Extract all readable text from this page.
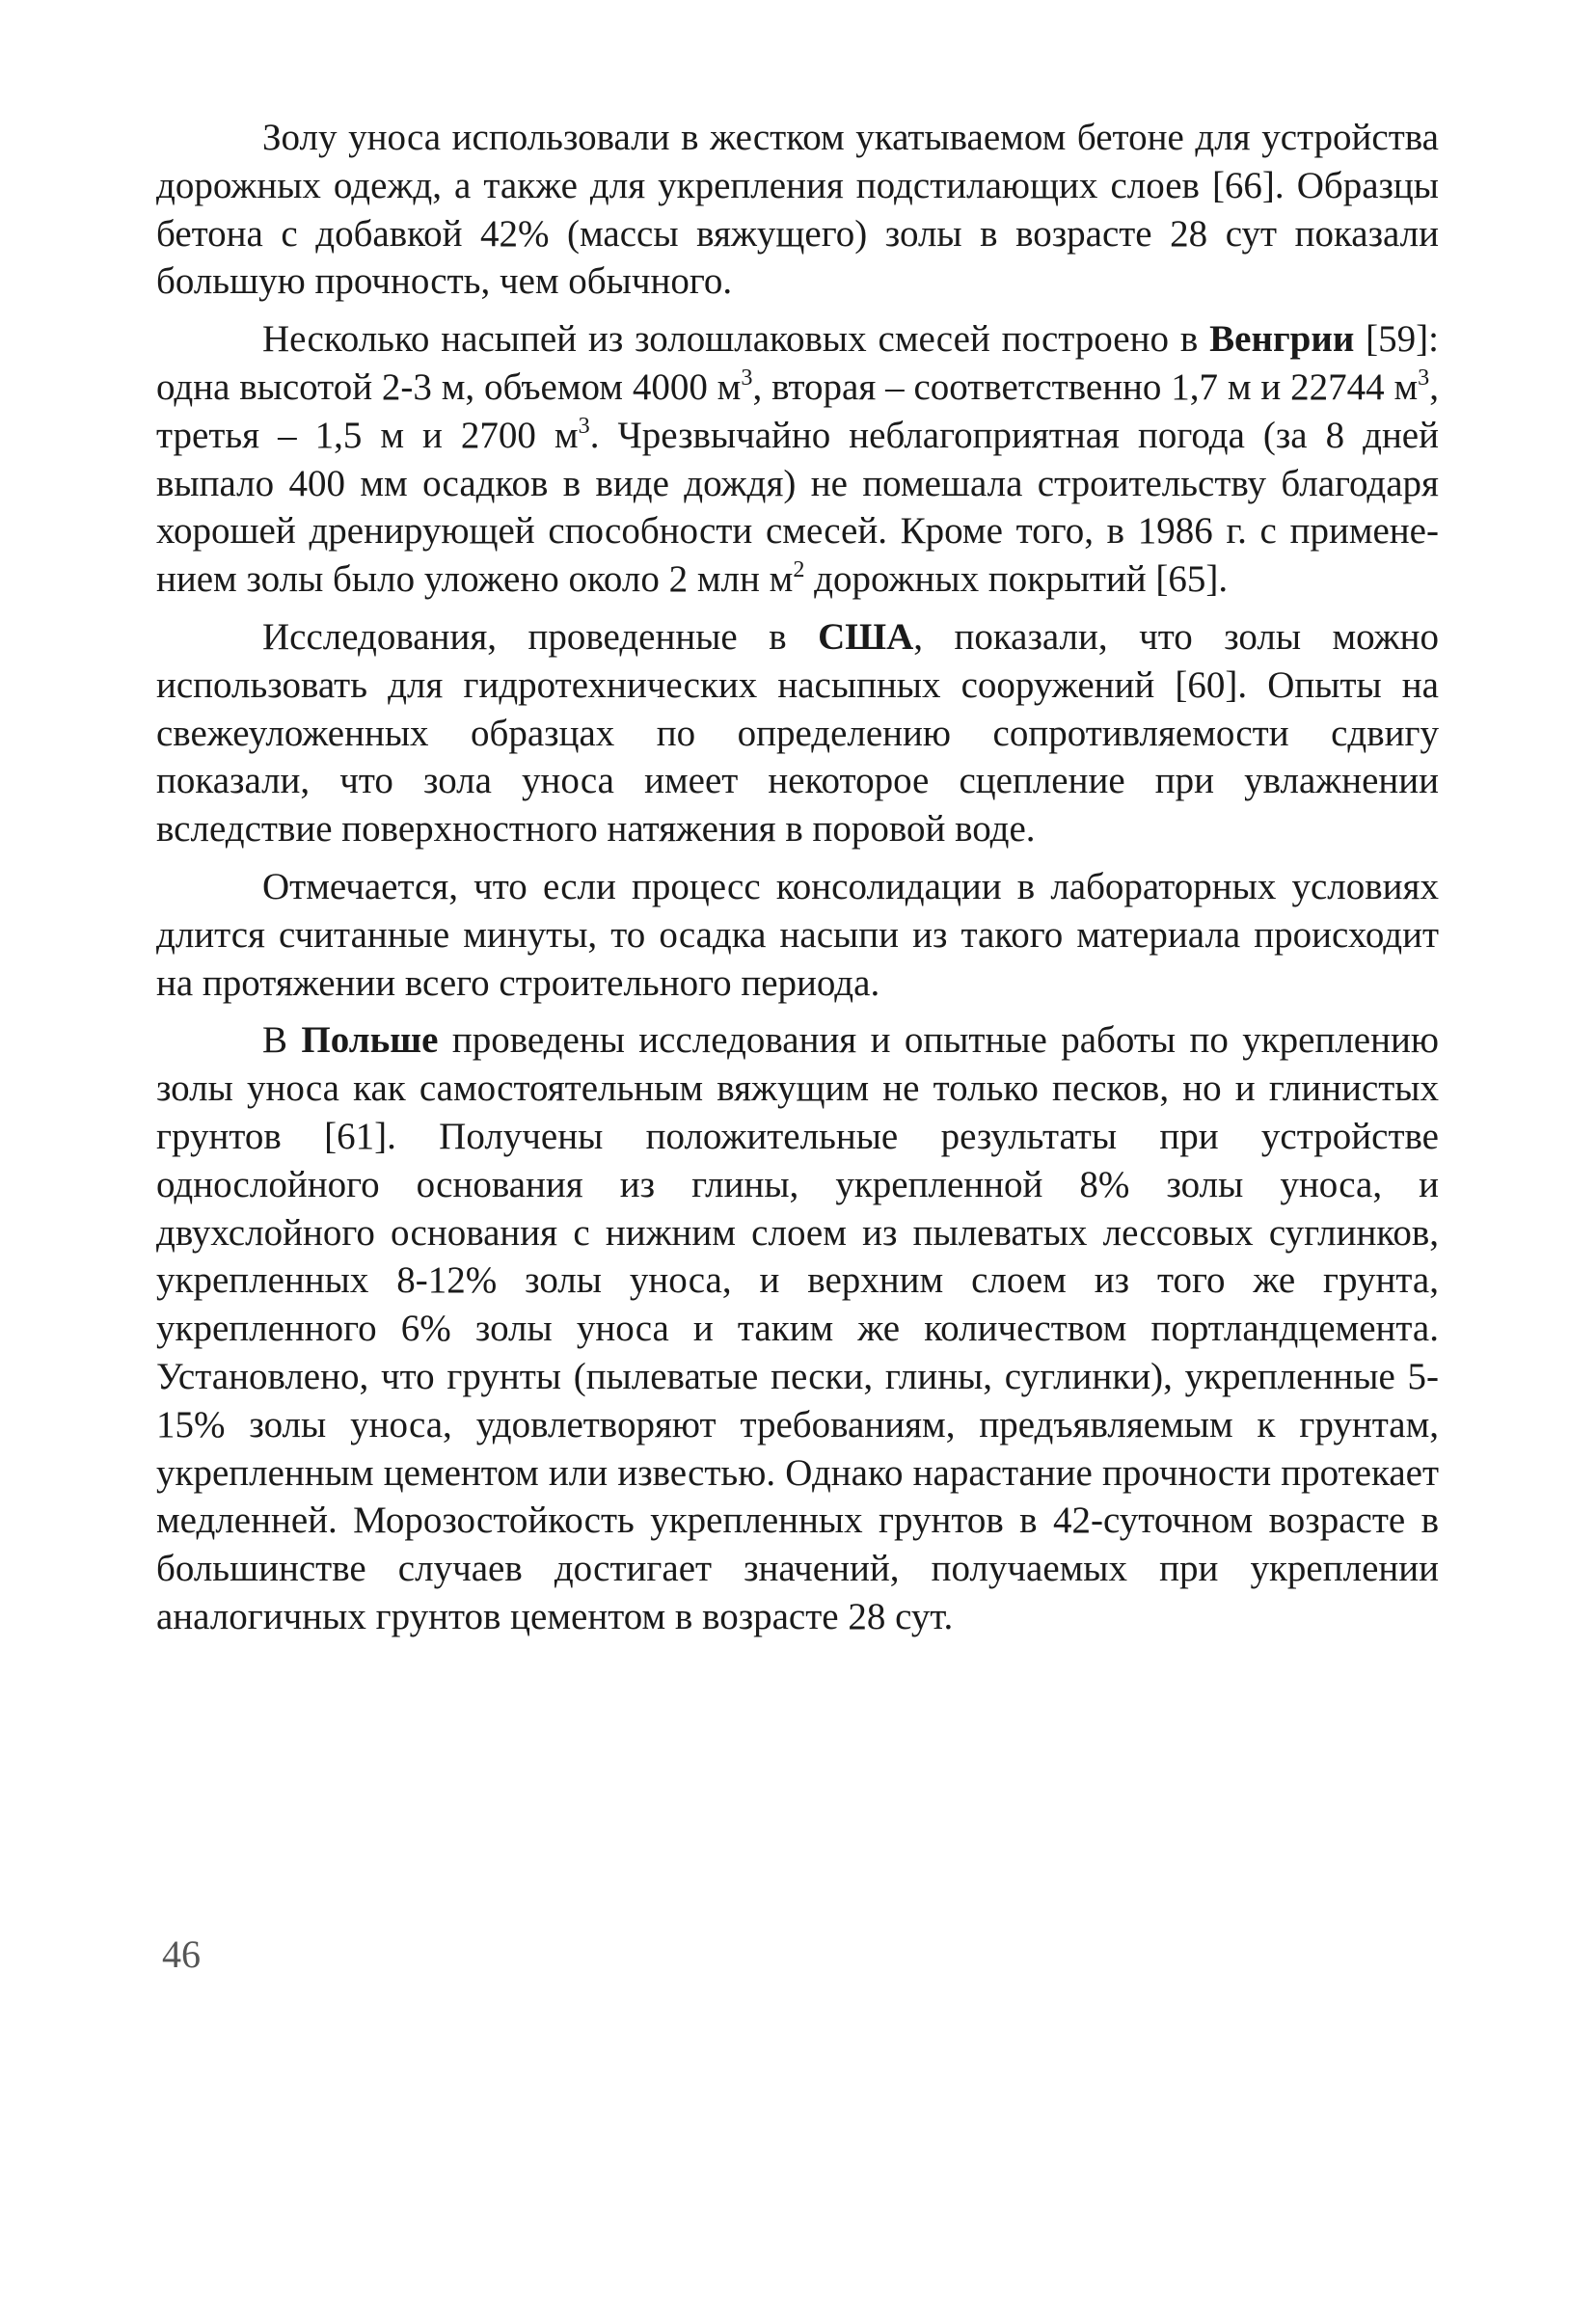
Золу уноса использовали в жестком укатываемом бетоне для устройства дорожных одежд, а также для укрепления подстилающих слоев [66]. Образцы бетона с добавкой 42% (массы вяжущего) золы в возрасте 28 сут показали большую прочность, чем обычного.

Несколько насыпей из золошлаковых смесей построено в Венгрии [59]: одна высотой 2-3 м, объемом 4000 $м^3$, вторая – соответственно 1,7 м и 22744 $м^3$, третья – 1,5 м и 2700 $м^3$. Чрезвычайно неблагоприятная погода (за 8 дней выпало 400 мм осадков в виде дождя) не помешала строительству благодаря хорошей дренирующей способности смесей. Кроме того, в 1986 г. с применением золы было уложено около 2 млн $м^2$ дорожных покрытий [65].

Исследования, проведенные в США, показали, что золы можно использовать для гидротехнических насыпных сооружений [60]. Опыты на свежеуложенных образцах по определению сопротивляемости сдвигу показали, что зола уноса имеет некоторое сцепление при увлажнении вследствие поверхностного натяжения в поровой воде.

Отмечается, что если процесс консолидации в лабораторных условиях длится считанные минуты, то осадка насыпи из такого материала происходит на протяжении всего строительного периода.

В Польше проведены исследования и опытные работы по укреплению золы уноса как самостоятельным вяжущим не только песков, но и глинистых грунтов [61]. Получены положительные результаты при устройстве однослойного основания из глины, укрепленной 8% золы уноса, и двухслойного основания с нижним слоем из пылеватых лессовых суглинков, укрепленных 8-12% золы уноса, и верхним слоем из того же грунта, укрепленного 6% золы уноса и таким же количеством портландцемента. Установлено, что грунты (пылеватые пески, глины, суглинки), укрепленные 5-15% золы уноса, удовлетворяют требованиям, предъявляемым к грунтам, укрепленным цементом или известью. Однако нарастание прочности протекает медленней. Морозостойкость укрепленных грунтов в 42-суточном возрасте в большинстве случаев достигает значений, получаемых при укреплении аналогичных грунтов цементом в возрасте 28 сут.

46
